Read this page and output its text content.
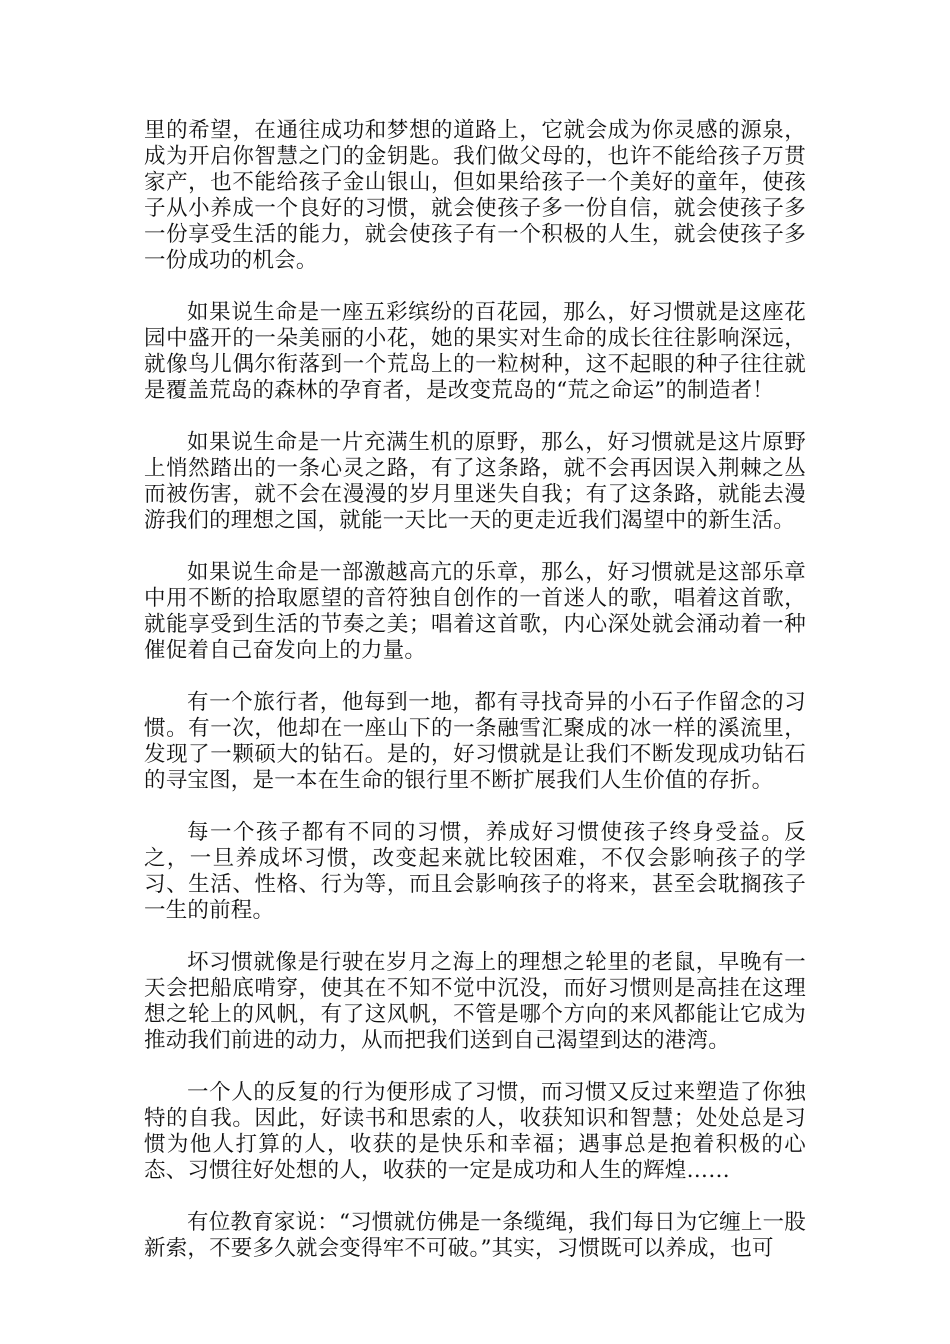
里的希望，在通往成功和梦想的道路上，它就会成为你灵感的源泉，成为开启你智慧之门的金钥匙。我们做父母的，也许不能给孩子万贯家产，也不能给孩子金山银山，但如果给孩子一个美好的童年，使孩子从小养成一个良好的习惯，就会使孩子多一份自信，就会使孩子多一份享受生活的能力，就会使孩子有一个积极的人生，就会使孩子多一份成功的机会。

如果说生命是一座五彩缤纷的百花园，那么，好习惯就是这座花园中盛开的一朵美丽的小花，她的果实对生命的成长往往影响深远，就像鸟儿偶尔衔落到一个荒岛上的一粒树种，这不起眼的种子往往就是覆盖荒岛的森林的孕育者，是改变荒岛的“荒之命运”的制造者！

如果说生命是一片充满生机的原野，那么，好习惯就是这片原野上悄然踏出的一条心灵之路，有了这条路，就不会再因误入荆棘之丛而被伤害，就不会在漫漫的岁月里迷失自我；有了这条路，就能去漫游我们的理想之国，就能一天比一天的更走近我们渴望中的新生活。

如果说生命是一部激越高亢的乐章，那么，好习惯就是这部乐章中用不断的拾取愿望的音符独自创作的一首迷人的歌，唱着这首歌，就能享受到生活的节奏之美；唱着这首歌，内心深处就会涌动着一种催促着自己奋发向上的力量。

有一个旅行者，他每到一地，都有寻找奇异的小石子作留念的习惯。有一次，他却在一座山下的一条融雪汇聚成的冰一样的溪流里，发现了一颗硕大的钻石。是的，好习惯就是让我们不断发现成功钻石的寻宝图，是一本在生命的银行里不断扩展我们人生价值的存折。

每一个孩子都有不同的习惯，养成好习惯使孩子终身受益。反之，一旦养成坏习惯，改变起来就比较困难，不仅会影响孩子的学习、生活、性格、行为等，而且会影响孩子的将来，甚至会耽搁孩子一生的前程。

坏习惯就像是行驶在岁月之海上的理想之轮里的老鼠，早晚有一天会把船底啃穿，使其在不知不觉中沉没，而好习惯则是高挂在这理想之轮上的风帆，有了这风帆，不管是哪个方向的来风都能让它成为推动我们前进的动力，从而把我们送到自己渴望到达的港湾。

一个人的反复的行为便形成了习惯，而习惯又反过来塑造了你独特的自我。因此，好读书和思索的人，收获知识和智慧；处处总是习惯为他人打算的人，收获的是快乐和幸福；遇事总是抱着积极的心态、习惯往好处想的人，收获的一定是成功和人生的辉煌……

有位教育家说：“习惯就仿佛是一条缆绳，我们每日为它缠上一股新索，不要多久就会变得牢不可破。”其实，习惯既可以养成，也可
